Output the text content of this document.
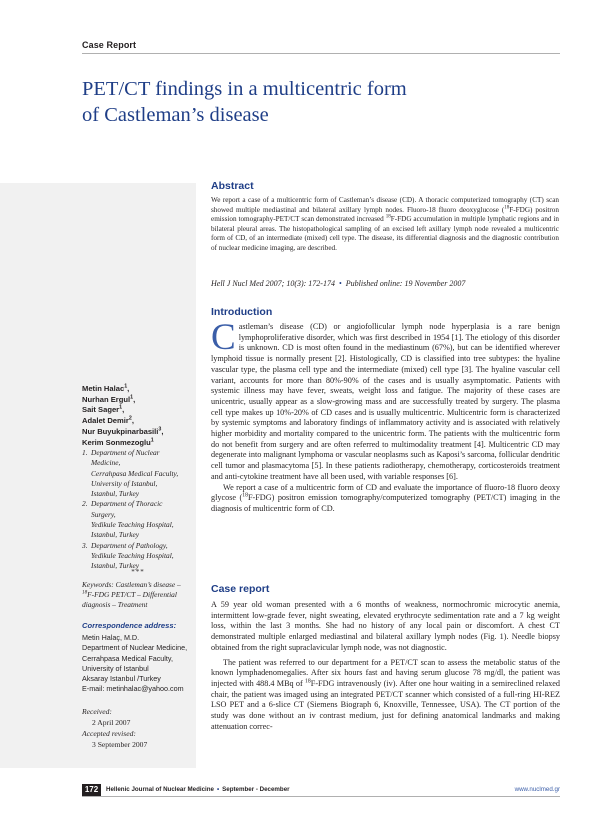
Case Report
PET/CT findings in a multicentric form
of Castleman’s disease
Abstract
We report a case of a multicentric form of Castleman’s disease (CD). A thoracic computerized tomography (CT) scan showed multiple mediastinal and bilateral axillary lymph nodes. Fluoro-18 fluoro deoxyglucose ($^{18}$F-FDG) positron emission tomography-PET/CT scan demonstrated increased $^{18}$F-FDG accumulation in multiple lymphatic regions and in bilateral pleural areas. The histopathological sampling of an excised left axillary lymph node revealed a multicentric form of CD, of an intermediate (mixed) cell type. The disease, its differential diagnosis and the diagnostic contribution of nuclear medicine imaging, are described.
Hell J Nucl Med 2007; 10(3): 172-174 • Published online: 19 November 2007
Introduction

Castleman’s disease (CD) or angiofollicular lymph node hyperplasia is a rare benign lymphoproliferative disorder, which was first described in 1954 [1]. The etiology of this disorder is unknown. CD is most often found in the mediastinum (67%), but can be identified wherever lymphoid tissue is normally present [2]. Histologically, CD is classified into tree subtypes: the hyaline vascular type, the plasma cell type and the intermediate (mixed) cell type [3]. The hyaline vascular cell variant, accounts for more than 80%-90% of the cases and is usually asymptomatic. Patients with systemic illness may have fever, sweats, weight loss and fatigue. The majority of these cases are unicentric, usually appear as a slow-growing mass and are successfully treated by surgery. The plasma cell type makes up 10%-20% of CD cases and is usually multicentric. Multicentric form is characterized by systemic symptoms and laboratory findings of inflammatory activity and is associated with relatively higher morbidity and mortality compared to the unicentric form. The patients with the multicentric form do not benefit from surgery and are often referred to multimodality treatment [4]. Multicentric CD may degenerate into malignant lymphoma or vascular neoplasms such as Kaposi’s sarcoma, follicular dendritic cell tumor and plasmacytoma [5]. In these patients radiotherapy, chemotherapy, corticosteroids treatment and anti-cytokine treatment have all been used, with variable responses [6].

We report a case of a multicentric form of CD and evaluate the importance of fluoro-18 fluoro deoxy glycose ($^{18}$F-FDG) positron emission tomography/computerized tomography (PET/CT) imaging in the diagnosis of multicentric form of CD.

Case report

A 59 year old woman presented with a 6 months of weakness, normochromic microcytic anemia, intermittent low-grade fever, night sweating, elevated erythrocyte sedimentation rate and a 7 kg weight loss, within the last 3 months. She had no history of any local pain or discomfort. A chest CT demonstrated multiple enlarged mediastinal and bilateral axillary lymph nodes (Fig. 1). Needle biopsy obtained from the right supraclavicular lymph node, was not diagnostic.

The patient was referred to our department for a PET/CT scan to assess the metabolic status of the known lymphadenomegalies. After six hours fast and having serum glucose 78 mg/dl, the patient was injected with 488.4 MBq of $^{18}$F-FDG intravenously (iv). After one hour waiting in a semireclined relaxed chair, the patient was imaged using an integrated PET/CT scanner which consisted of a full-ring HI-REZ LSO PET and a 6-slice CT (Siemens Biograph 6, Knoxville, Tennessee, USA). The CT portion of the study was done without an iv contrast medium, just for defining anatomical landmarks and making attenuation correc-

Metin Halac$^1$,
Nurhan Ergul$^1$,
Sait Sager$^1$,
Adalet Demir$^2$,
Nur Buyukpinarbasili$^3$,
Kerim Sonmezoglu$^1$
1. Department of Nuclear
Medicine,
Cerrahpasa Medical Faculty,
University of Istanbul,
Istanbul, Turkey
2. Department of Thoracic
Surgery,
Yedikule Teaching Hospital,
Istanbul, Turkey
3. Department of Pathology,
Yedikule Teaching Hospital,
Istanbul, Turkey
***
Keywords: Castleman’s disease – $^{18}$F-FDG PET/CT – Differential diagnosis – Treatment
Correspondence address:
Metin Halaç, M.D.
Department of Nuclear Medicine,
Cerrahpasa Medical Faculty,
University of Istanbul
Aksaray Istanbul /Turkey
E-mail: metinhalac@yahoo.com
Received:
2 April 2007
Accepted revised:
3 September 2007
172	Hellenic Journal of Nuclear Medicine • September - December	www.nuclmed.gr
